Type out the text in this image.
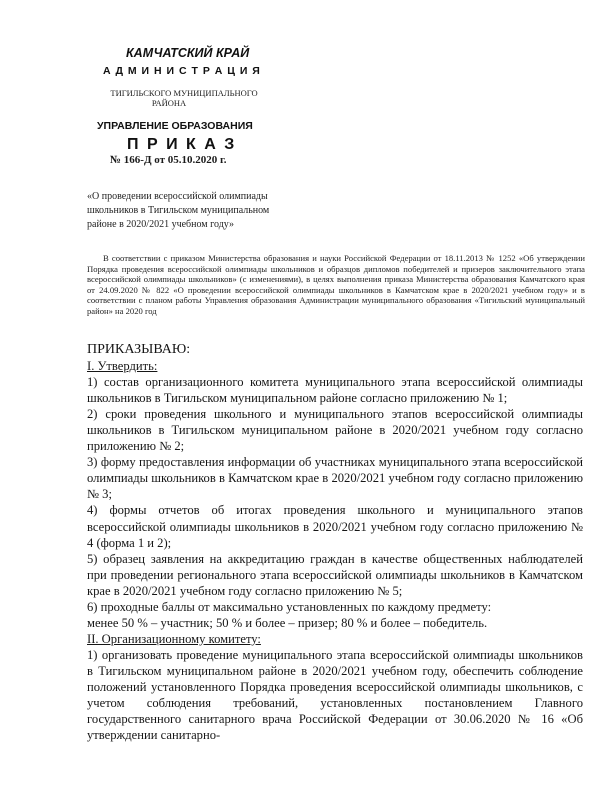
КАМЧАТСКИЙ КРАЙ
А Д М И Н И С Т Р А Ц И Я
ТИГИЛЬСКОГО МУНИЦИПАЛЬНОГО
РАЙОНА
УПРАВЛЕНИЕ ОБРАЗОВАНИЯ
П Р И К А З
№ 166-Д от 05.10.2020 г.
«О проведении всероссийской олимпиады
школьников в Тигильском муниципальном
районе в 2020/2021 учебном году»
В соответствии с приказом Министерства образования и науки Российской Федерации от 18.11.2013 № 1252 «Об утверждении Порядка проведения всероссийской олимпиады школьников и образцов дипломов победителей и призеров заключительного этапа всероссийской олимпиады школьников» (с изменениями), в целях выполнения приказа Министерства образования Камчатского края от 24.09.2020 № 822 «О проведении всероссийской олимпиады школьников в Камчатском крае в 2020/2021 учебном году» и в соответствии с планом работы Управления образования Администрации муниципального образования «Тигильский муниципальный район» на 2020 год

ПРИКАЗЫВАЮ:

I. Утвердить:

1) состав организационного комитета муниципального этапа всероссийской олимпиады школьников в Тигильском муниципальном районе согласно приложению № 1;

2) сроки проведения школьного и муниципального этапов всероссийской олимпиады школьников в Тигильском муниципальном районе в 2020/2021 учебном году согласно приложению № 2;

3) форму предоставления информации об участниках муниципального этапа всероссийской олимпиады школьников в Камчатском крае в 2020/2021 учебном году согласно приложению № 3;

4) формы отчетов об итогах проведения школьного и муниципального этапов всероссийской олимпиады школьников в 2020/2021 учебном году согласно приложению № 4 (форма 1 и 2);

5) образец заявления на аккредитацию граждан в качестве общественных наблюдателей при проведении регионального этапа всероссийской олимпиады школьников в Камчатском крае в 2020/2021 учебном году согласно приложению № 5;

6) проходные баллы от максимально установленных по каждому предмету:

менее 50 % – участник; 50 % и более – призер; 80 % и более – победитель.

II. Организационному комитету:

1) организовать проведение муниципального этапа всероссийской олимпиады школьников в Тигильском муниципальном районе в 2020/2021 учебном году, обеспечить соблюдение положений установленного Порядка проведения всероссийской олимпиады школьников, с учетом соблюдения требований, установленных постановлением Главного государственного санитарного врача Российской Федерации от 30.06.2020 № 16 «Об утверждении санитарно-
